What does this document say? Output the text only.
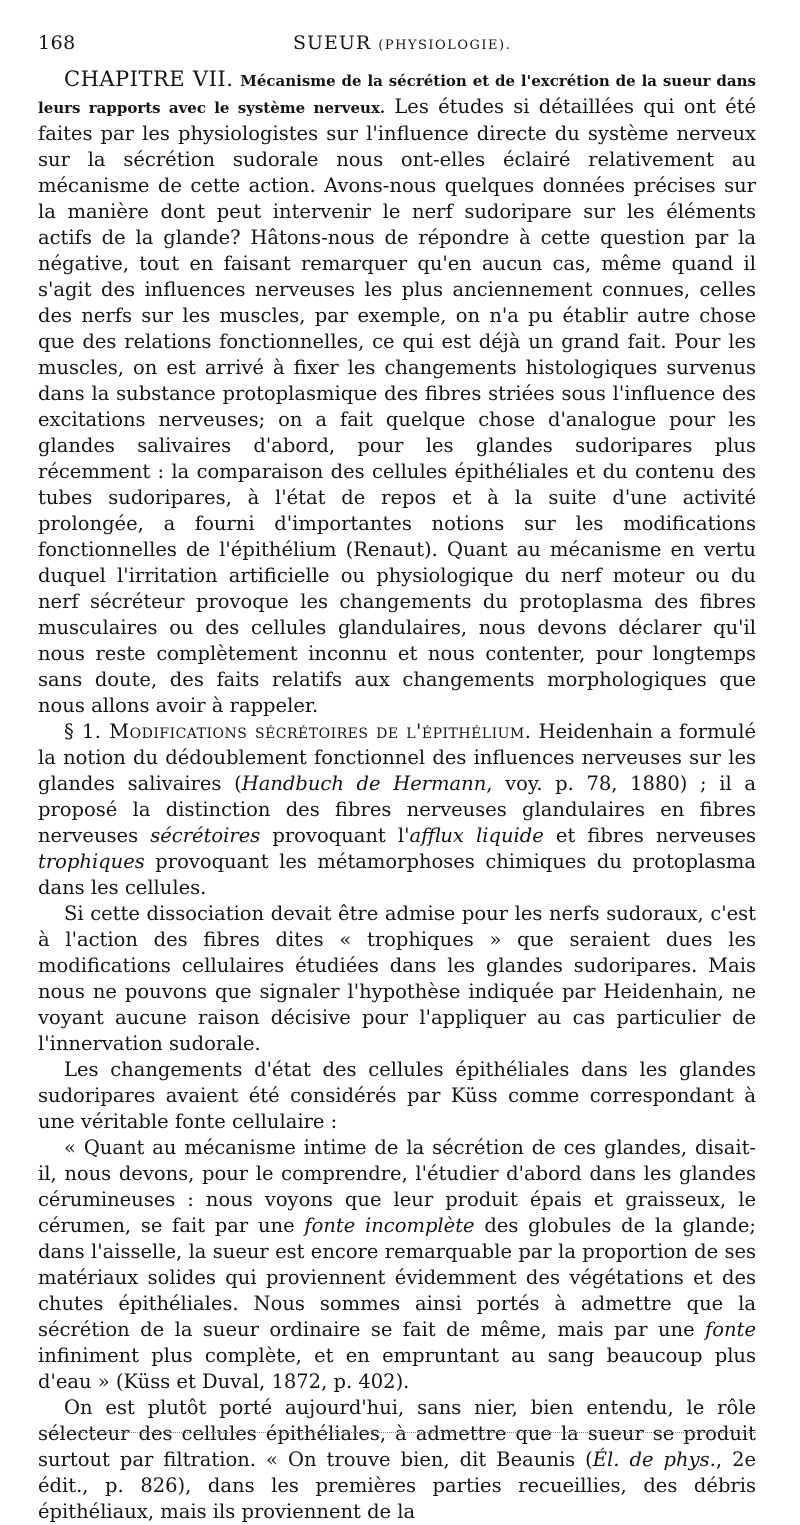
168	SUEUR (PHYSIOLOGIE).

CHAPITRE VII. Mécanisme de la sécrétion et de l'excrétion de la sueur dans leurs rapports avec le système nerveux. Les études si détaillées qui ont été faites par les physiologistes sur l'influence directe du système nerveux sur la sécrétion sudorale nous ont-elles éclairé relativement au mécanisme de cette action. Avons-nous quelques données précises sur la manière dont peut intervenir le nerf sudoripare sur les éléments actifs de la glande? Hâtons-nous de répondre à cette question par la négative, tout en faisant remarquer qu'en aucun cas, même quand il s'agit des influences nerveuses les plus anciennement connues, celles des nerfs sur les muscles, par exemple, on n'a pu établir autre chose que des relations fonctionnelles, ce qui est déjà un grand fait. Pour les muscles, on est arrivé à fixer les changements histologiques survenus dans la substance protoplasmique des fibres striées sous l'influence des excitations nerveuses; on a fait quelque chose d'analogue pour les glandes salivaires d'abord, pour les glandes sudoripares plus récemment : la comparaison des cellules épithéliales et du contenu des tubes sudoripares, à l'état de repos et à la suite d'une activité prolongée, a fourni d'importantes notions sur les modifications fonctionnelles de l'épithélium (Renaut). Quant au mécanisme en vertu duquel l'irritation artificielle ou physiologique du nerf moteur ou du nerf sécréteur provoque les changements du protoplasma des fibres musculaires ou des cellules glandulaires, nous devons déclarer qu'il nous reste complètement inconnu et nous contenter, pour longtemps sans doute, des faits relatifs aux changements morphologiques que nous allons avoir à rappeler.

§ 1. Modifications sécrétoires de l'épithélium. Heidenhain a formulé la notion du dédoublement fonctionnel des influences nerveuses sur les glandes salivaires (Handbuch de Hermann, voy. p. 78, 1880) ; il a proposé la distinction des fibres nerveuses glandulaires en fibres nerveuses sécrétoires provoquant l'afflux liquide et fibres nerveuses trophiques provoquant les métamorphoses chimiques du protoplasma dans les cellules.

Si cette dissociation devait être admise pour les nerfs sudoraux, c'est à l'action des fibres dites « trophiques » que seraient dues les modifications cellulaires étudiées dans les glandes sudoripares. Mais nous ne pouvons que signaler l'hypothèse indiquée par Heidenhain, ne voyant aucune raison décisive pour l'appliquer au cas particulier de l'innervation sudorale.

Les changements d'état des cellules épithéliales dans les glandes sudoripares avaient été considérés par Küss comme correspondant à une véritable fonte cellulaire :

« Quant au mécanisme intime de la sécrétion de ces glandes, disait-il, nous devons, pour le comprendre, l'étudier d'abord dans les glandes cérumineuses : nous voyons que leur produit épais et graisseux, le cérumen, se fait par une fonte incomplète des globules de la glande; dans l'aisselle, la sueur est encore remarquable par la proportion de ses matériaux solides qui proviennent évidemment des végétations et des chutes épithéliales. Nous sommes ainsi portés à admettre que la sécrétion de la sueur ordinaire se fait de même, mais par une fonte infiniment plus complète, et en empruntant au sang beaucoup plus d'eau » (Küss et Duval, 1872, p. 402).

On est plutôt porté aujourd'hui, sans nier, bien entendu, le rôle sélecteur des cellules épithéliales, à admettre que la sueur se produit surtout par filtration. « On trouve bien, dit Beaunis (Él. de phys., 2e édit., p. 826), dans les premières parties recueillies, des débris épithéliaux, mais ils proviennent de la
